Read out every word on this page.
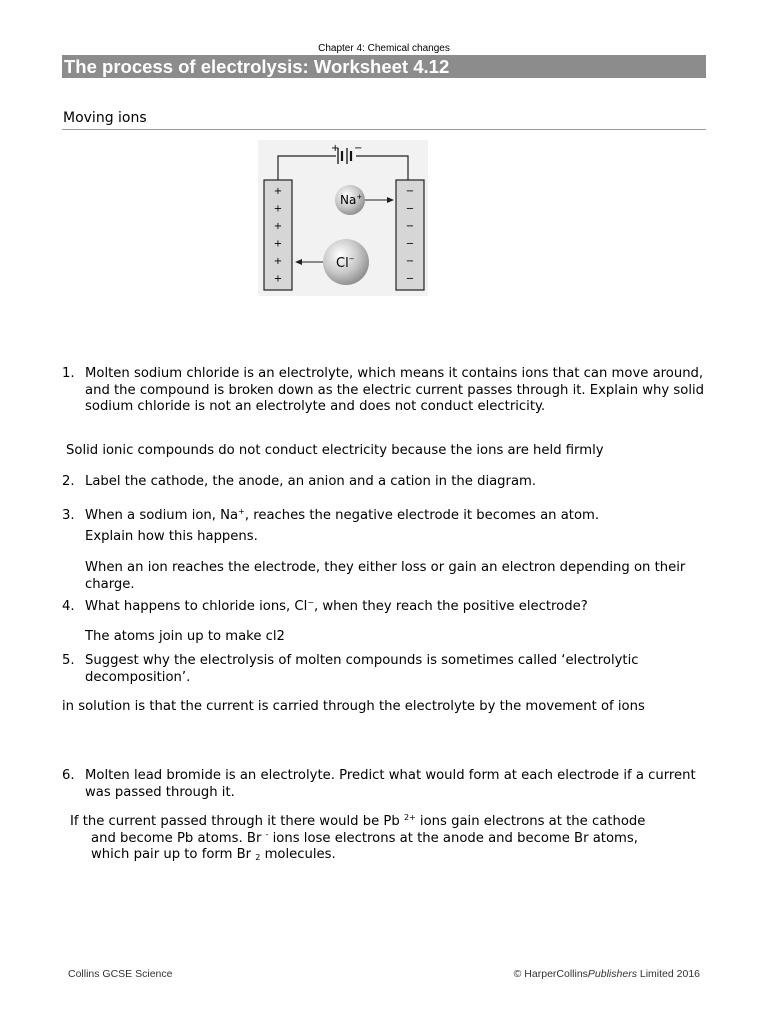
Chapter 4: Chemical changes
The process of electrolysis: Worksheet 4.12
Moving ions
+ −
+
+
+
+
+
+
−
−
−
−
−
−
Na+
Cl−
1. Molten sodium chloride is an electrolyte, which means it contains ions that can move around, and the compound is broken down as the electric current passes through it. Explain why solid sodium chloride is not an electrolyte and does not conduct electricity.
Solid ionic compounds do not conduct electricity because the ions are held firmly
2. Label the cathode, the anode, an anion and a cation in the diagram.
3. When a sodium ion, Na+, reaches the negative electrode it becomes an atom.
Explain how this happens.
When an ion reaches the electrode, they either loss or gain an electron depending on their charge.
4. What happens to chloride ions, Cl−, when they reach the positive electrode?
The atoms join up to make cl2
5. Suggest why the electrolysis of molten compounds is sometimes called ‘electrolytic decomposition’.
in solution is that the current is carried through the electrolyte by the movement of ions
6. Molten lead bromide is an electrolyte. Predict what would form at each electrode if a current was passed through it.
If the current passed through it there would be Pb $^{2+}$ ions gain electrons at the cathode
and become Pb atoms. Br - ions lose electrons at the anode and become Br atoms,
which pair up to form Br $_2$ molecules.
Collins GCSE Science	© HarperCollinsPublishers Limited 2016
